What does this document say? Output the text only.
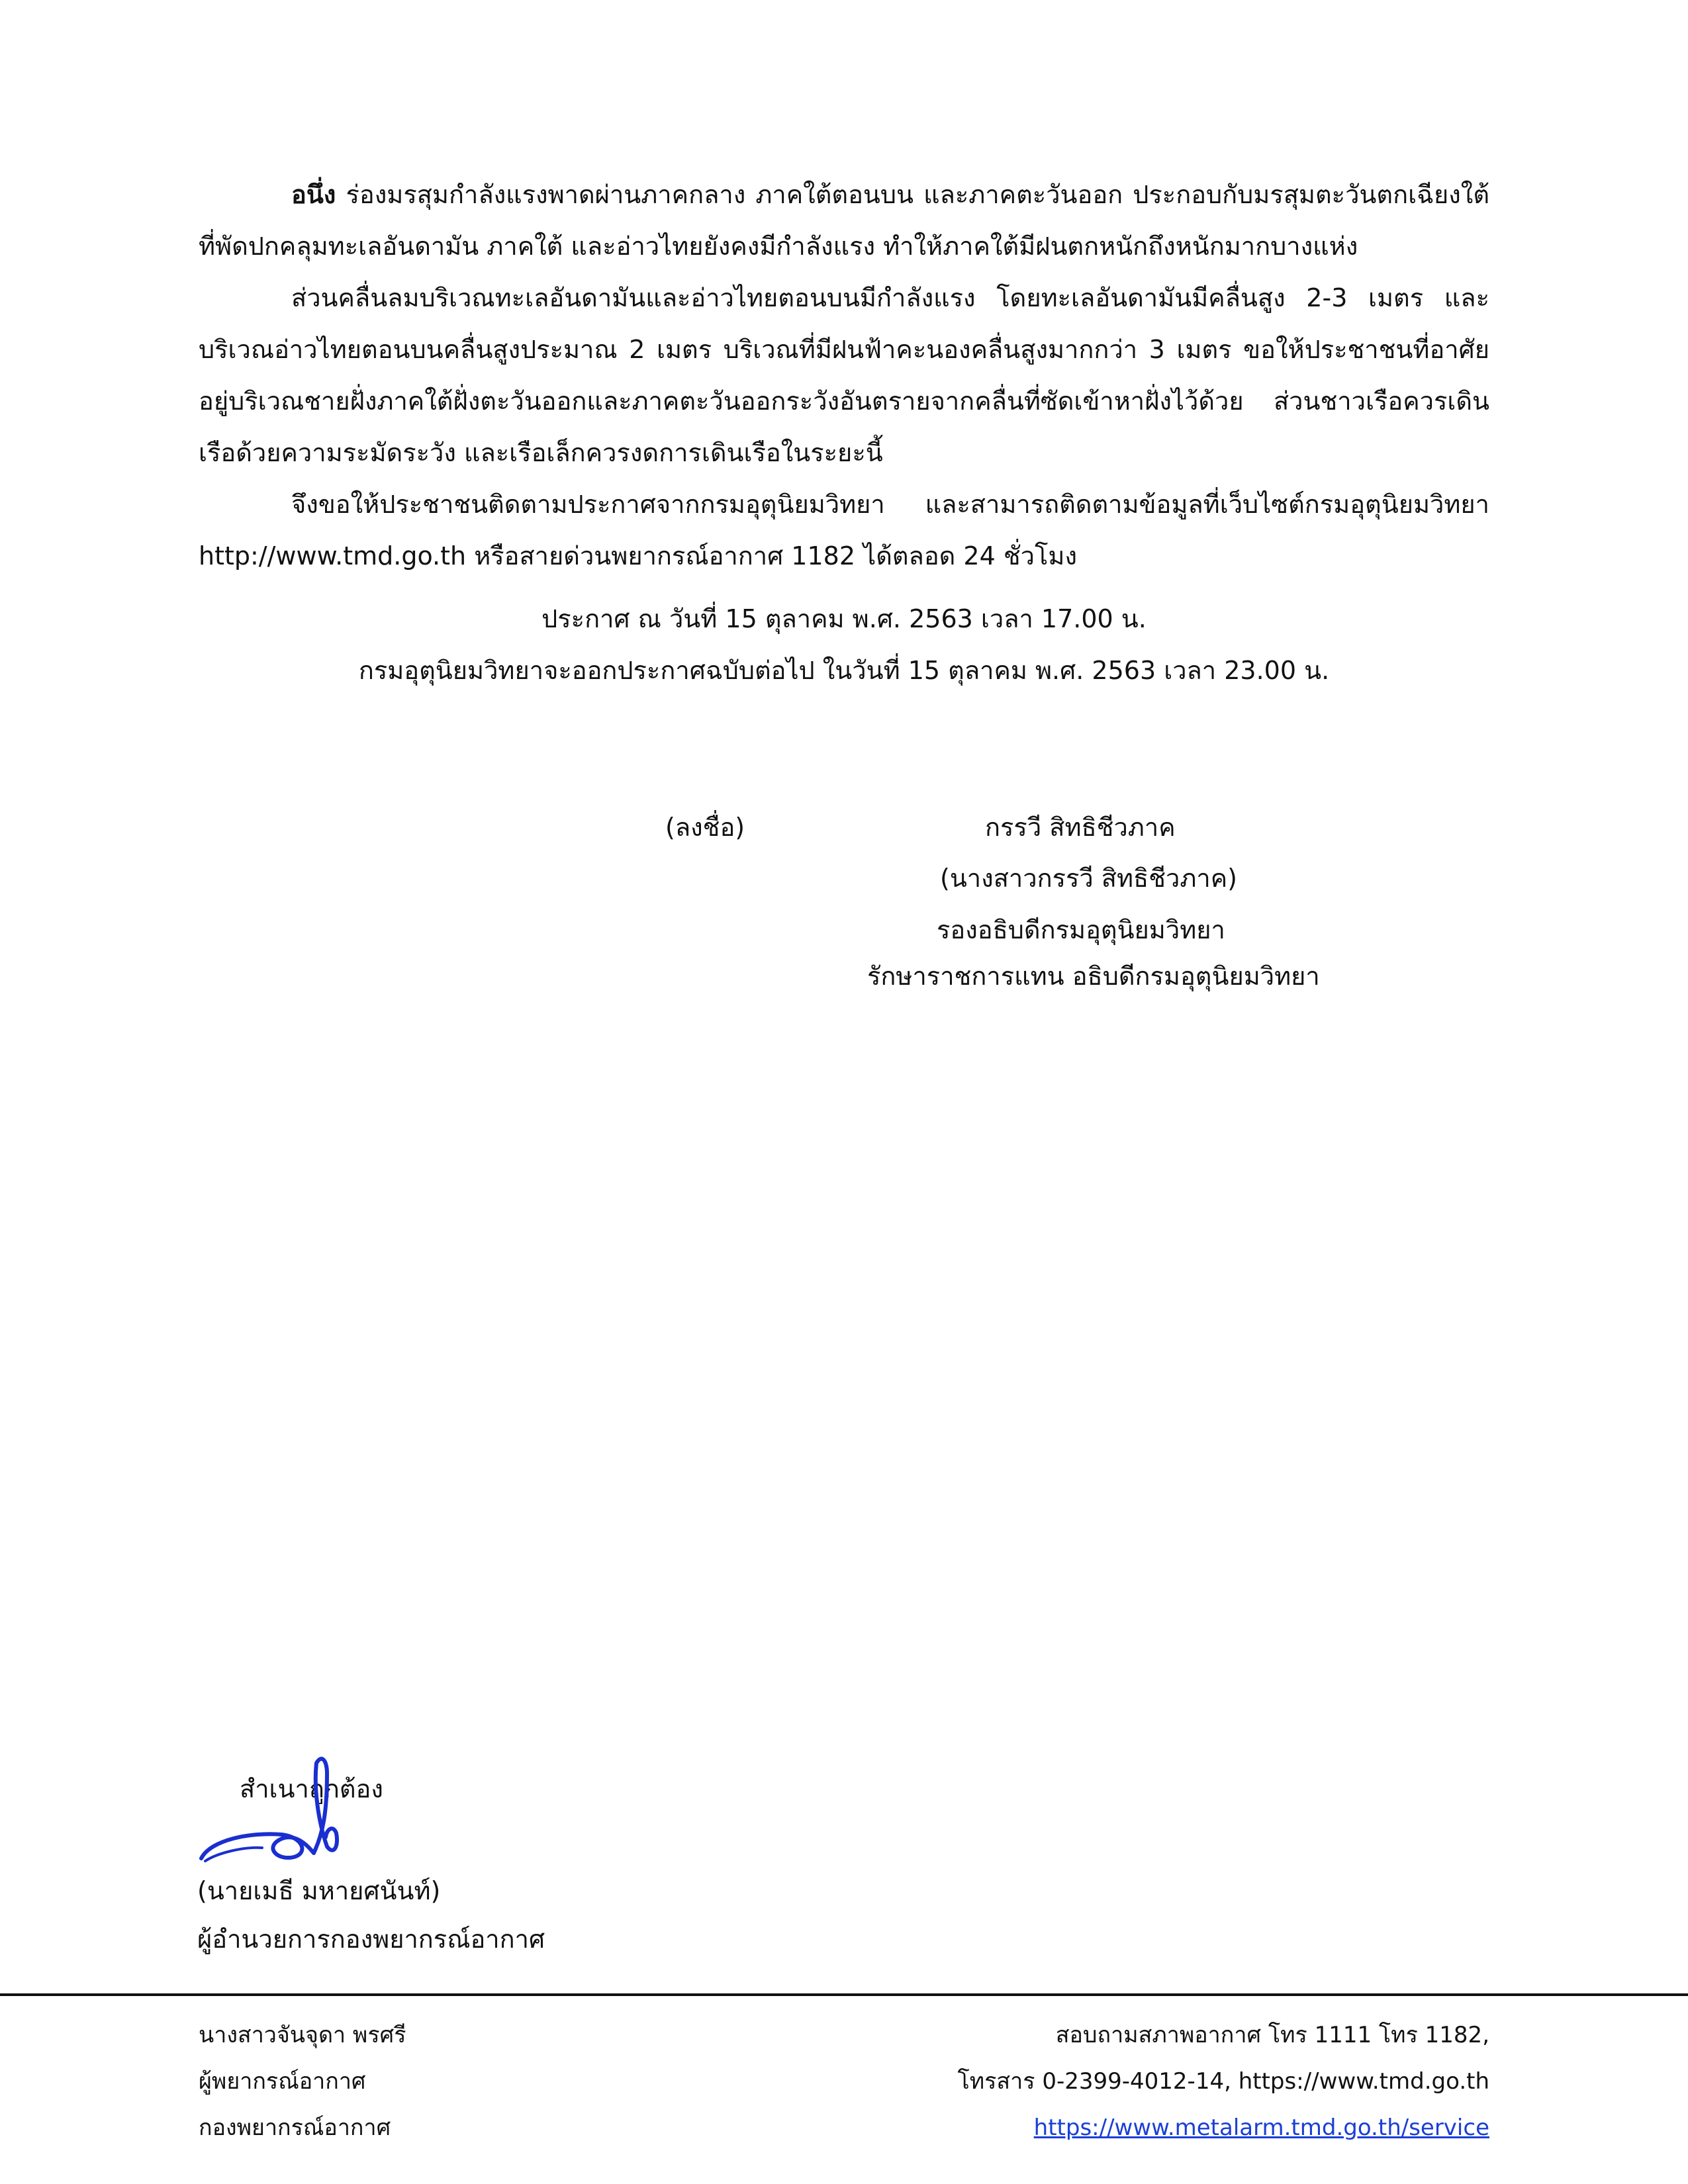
อนึ่ง ร่องมรสุมกำลังแรงพาดผ่านภาคกลาง ภาคใต้ตอนบน และภาคตะวันออก ประกอบกับมรสุมตะวันตกเฉียงใต้ที่พัดปกคลุมทะเลอันดามัน ภาคใต้ และอ่าวไทยยังคงมีกำลังแรง ทำให้ภาคใต้มีฝนตกหนักถึงหนักมากบางแห่ง

ส่วนคลื่นลมบริเวณทะเลอันดามันและอ่าวไทยตอนบนมีกำลังแรง โดยทะเลอันดามันมีคลื่นสูง 2-3 เมตร และบริเวณอ่าวไทยตอนบนคลื่นสูงประมาณ 2 เมตร บริเวณที่มีฝนฟ้าคะนองคลื่นสูงมากกว่า 3 เมตร ขอให้ประชาชนที่อาศัยอยู่บริเวณชายฝั่งภาคใต้ฝั่งตะวันออกและภาคตะวันออกระวังอันตรายจากคลื่นที่ซัดเข้าหาฝั่งไว้ด้วย ส่วนชาวเรือควรเดินเรือด้วยความระมัดระวัง และเรือเล็กควรงดการเดินเรือในระยะนี้

จึงขอให้ประชาชนติดตามประกาศจากกรมอุตุนิยมวิทยา และสามารถติดตามข้อมูลที่เว็บไซต์กรมอุตุนิยมวิทยา http://www.tmd.go.th หรือสายด่วนพยากรณ์อากาศ 1182 ได้ตลอด 24 ชั่วโมง

ประกาศ ณ วันที่ 15 ตุลาคม พ.ศ. 2563 เวลา 17.00 น.
กรมอุตุนิยมวิทยาจะออกประกาศฉบับต่อไป ในวันที่ 15 ตุลาคม พ.ศ. 2563 เวลา 23.00 น.
(ลงชื่อ)	กรรวี สิทธิชีวภาค
(นางสาวกรรวี สิทธิชีวภาค)
รองอธิบดีกรมอุตุนิยมวิทยา
รักษาราชการแทน อธิบดีกรมอุตุนิยมวิทยา
สำเนาถูกต้อง
(นายเมธี มหายศนันท์)
ผู้อำนวยการกองพยากรณ์อากาศ
นางสาวจันจุดา พรศรี
ผู้พยากรณ์อากาศ
กองพยากรณ์อากาศ
สอบถามสภาพอากาศ โทร 1111 โทร 1182,
โทรสาร 0-2399-4012-14, https://www.tmd.go.th
https://www.metalarm.tmd.go.th/service
